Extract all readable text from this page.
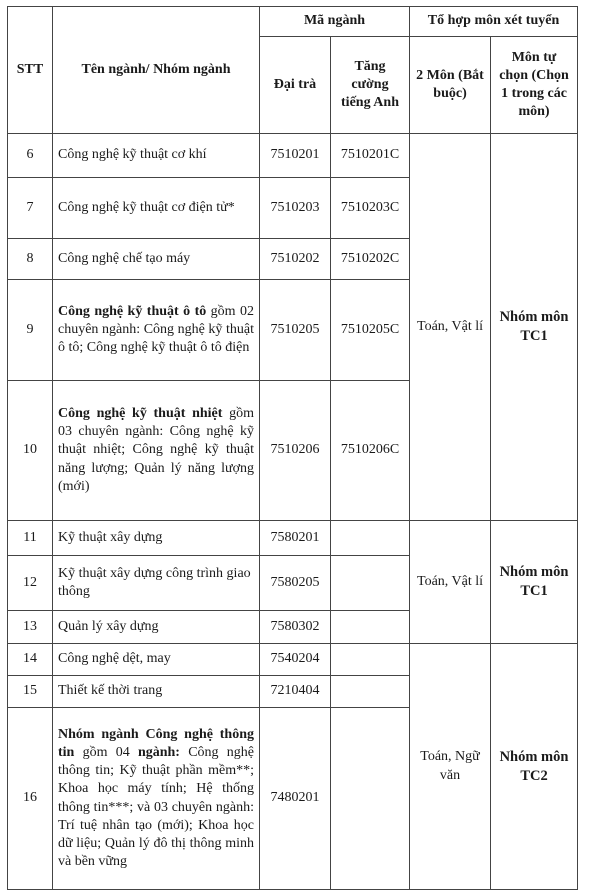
STT	Tên ngành/ Nhóm ngành	Mã ngành		Tổ hợp môn xét tuyển	
		Đại trà	Tăng cường tiếng Anh	2 Môn (Bắt buộc)	Môn tự chọn (Chọn 1 trong các môn)
6	Công nghệ kỹ thuật cơ khí	7510201	7510201C	Toán, Vật lí	Nhóm môn TC1
7	Công nghệ kỹ thuật cơ điện tử*	7510203	7510203C		
8	Công nghệ chế tạo máy	7510202	7510202C		
9	Công nghệ kỹ thuật ô tô gồm 02 chuyên ngành: Công nghệ kỹ thuật ô tô; Công nghệ kỹ thuật ô tô điện	7510205	7510205C		
10	Công nghệ kỹ thuật nhiệt gồm 03 chuyên ngành: Công nghệ kỹ thuật nhiệt; Công nghệ kỹ thuật năng lượng; Quản lý năng lượng (mới)	7510206	7510206C		
11	Kỹ thuật xây dựng	7580201		Toán, Vật lí	Nhóm môn TC1
12	Kỹ thuật xây dựng công trình giao thông	7580205			
13	Quản lý xây dựng	7580302			
14	Công nghệ dệt, may	7540204		Toán, Ngữ văn	Nhóm môn TC2
15	Thiết kế thời trang	7210404			
16	Nhóm ngành Công nghệ thông tin gồm 04 ngành: Công nghệ thông tin; Kỹ thuật phần mềm**; Khoa học máy tính; Hệ thống thông tin***; và 03 chuyên ngành: Trí tuệ nhân tạo (mới); Khoa học dữ liệu; Quản lý đô thị thông minh và bền vững	7480201			
